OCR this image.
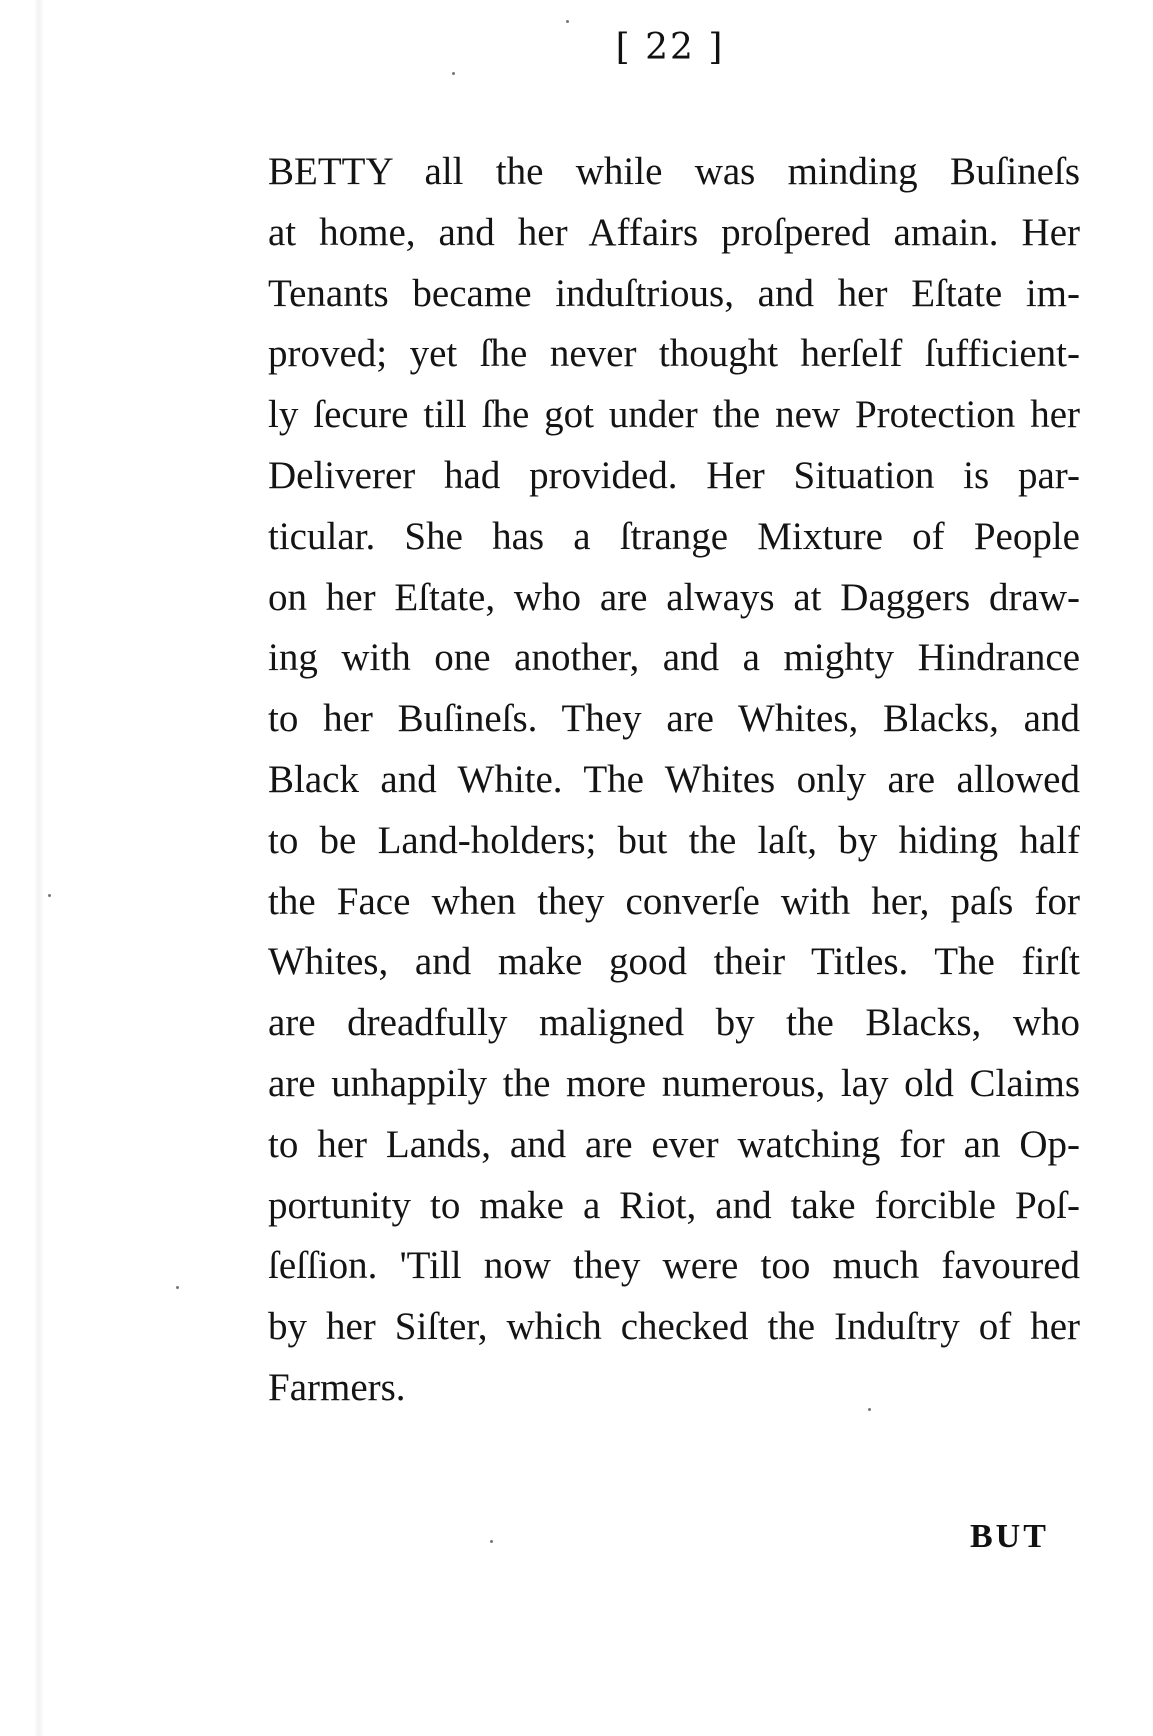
[ 22 ]
BETTY all the while was minding Buſineſs
at home, and her Affairs proſpered amain. Her
Tenants became induſtrious, and her Eſtate im-
proved; yet ſhe never thought herſelf ſufficient-
ly ſecure till ſhe got under the new Protection her
Deliverer had provided. Her Situation is par-
ticular. She has a ſtrange Mixture of People
on her Eſtate, who are always at Daggers draw-
ing with one another, and a mighty Hindrance
to her Buſineſs. They are Whites, Blacks, and
Black and White. The Whites only are allowed
to be Land-holders; but the laſt, by hiding half
the Face when they converſe with her, paſs for
Whites, and make good their Titles. The firſt
are dreadfully maligned by the Blacks, who
are unhappily the more numerous, lay old Claims
to her Lands, and are ever watching for an Op-
portunity to make a Riot, and take forcible Poſ-
ſeſſion. 'Till now they were too much favoured
by her Siſter, which checked the Induſtry of her
Farmers.
BUT
